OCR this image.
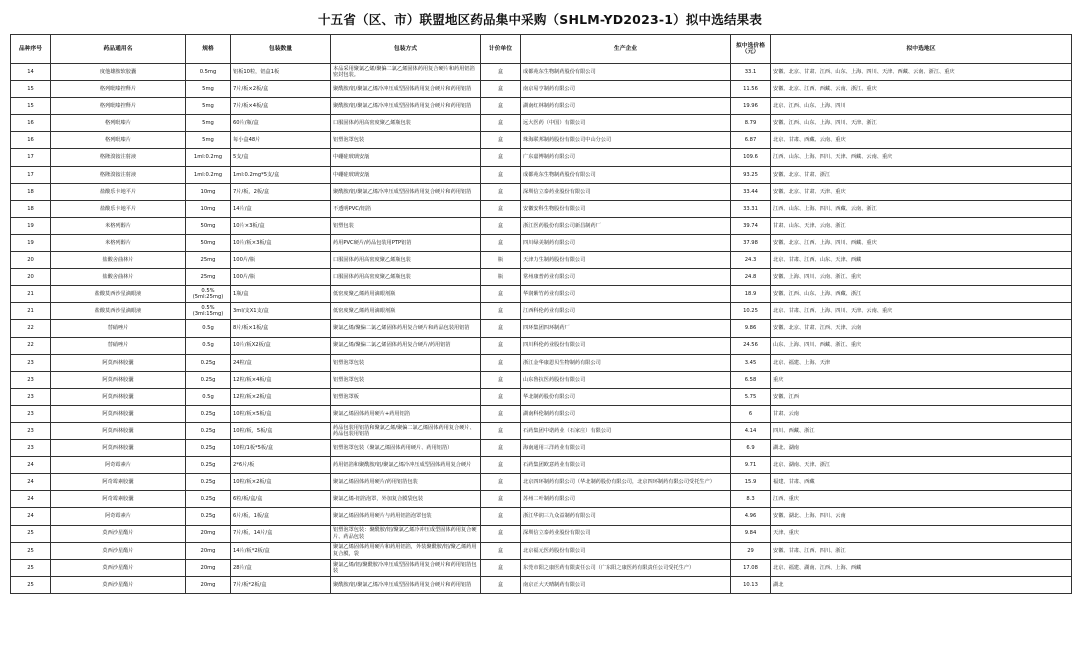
十五省（区、市）联盟地区药品集中采购（SHLM-YD2023-1）拟中选结果表
品种序号	药品通用名	规格	包装数量	包装方式	计价单位	生产企业	拟中选价格（元）	拟中选地区
14	度他雄胺软胶囊	0.5mg	铝板10粒，铝盒1板	本品采用聚氯乙烯/聚偏二氯乙烯固体药用复合硬片和药用铝箔密封包装。	盒	成都苑东生物制药股份有限公司	33.1	安徽、北京、甘肃、江西、山东、上海、四川、天津、西藏、云南、浙江、重庆
15	格列吡嗪控释片	5mg	7片/板×2板/盒	聚酰胺/铝/聚氯乙烯冷冲压成型固体药用复合硬片和药用铝箔	盒	南京易亨制药有限公司	11.56	安徽、北京、江西、西藏、云南、浙江、重庆
15	格列吡嗪控释片	5mg	7片/板×4板/盒	聚酰胺/铝/聚氯乙烯冷冲压成型固体药用复合硬片和药用铝箔	盒	湖南红林制药有限公司	19.96	北京、江西、山东、上海、四川
16	格列吡嗪片	5mg	60片/瓶/盒	口服固体药用高密度聚乙烯瓶包装	盒	远大医药（中国）有限公司	8.79	安徽、江西、山东、上海、四川、天津、浙江
16	格列吡嗪片	5mg	每小盒48片	铝塑泡罩包装	盒	珠海联邦制药股份有限公司中山分公司	6.87	北京、甘肃、西藏、云南、重庆
17	格隆溴铵注射液	1ml:0.2mg	5支/盒	中硼硅玻璃安瓿	盒	广东嘉博制药有限公司	109.6	江西、山东、上海、四川、天津、西藏、云南、重庆
17	格隆溴铵注射液	1ml:0.2mg	1ml:0.2mg*5支/盒	中硼硅玻璃安瓿	盒	成都苑东生物制药股份有限公司	93.25	安徽、北京、甘肃、浙江
18	盐酸乐卡地平片	10mg	7片/板，2板/盒	聚酰胺/铝/聚氯乙烯冷冲压成型固体药用复合硬片和药用铝箔	盒	深圳信立泰药业股份有限公司	33.44	安徽、北京、甘肃、天津、重庆
18	盐酸乐卡地平片	10mg	14片/盒	不透明PVC/铝箔	盒	安徽安科生物股份有限公司	33.31	江西、山东、上海、四川、西藏、云南、浙江
19	米格列醇片	50mg	10片×3板/盒	铝塑包装	盒	浙江医药股份有限公司新昌制药厂	39.74	甘肃、山东、天津、云南、浙江
19	米格列醇片	50mg	10片/板×3板/盒	药用PVC硬片/药品包装用PTP铝箔	盒	四川绿美制药有限公司	37.98	安徽、北京、江西、上海、四川、西藏、重庆
20	盐酸舍曲林片	25mg	100片/瓶	口服固体药用高密度聚乙烯瓶包装	瓶	天津力生制药股份有限公司	24.3	北京、甘肃、江西、山东、天津、西藏
20	盐酸舍曲林片	25mg	100片/瓶	口服固体药用高密度聚乙烯瓶包装	瓶	常州康普药业有限公司	24.8	安徽、上海、四川、云南、浙江、重庆
21	盐酸莫西沙星滴眼液	0.5%(5ml:25mg)	1瓶/盒	低密度聚乙烯药用滴眼剂瓶	盒	华润紫竹药业有限公司	18.9	安徽、江西、山东、上海、西藏、浙江
21	盐酸莫西沙星滴眼液	0.5%(3ml:15mg)	3ml/支X1支/盒	低密度聚乙烯药用滴眼剂瓶	盒	江西科伦药业有限公司	10.25	北京、甘肃、江西、上海、四川、天津、云南、重庆
22	替硝唑片	0.5g	8片/板×1板/盒	聚氯乙烯/聚偏二氯乙烯固体药用复合硬片和药品包装用铝箔	盒	四环集团四环制药厂	9.86	安徽、北京、甘肃、江西、天津、云南
22	替硝唑片	0.5g	10片/板X2板/盒	聚氯乙烯/聚偏二氯乙烯固体药用复合硬片/药用铝箔	盒	四川科伦药业股份有限公司	24.56	山东、上海、四川、西藏、浙江、重庆
23	阿莫西林胶囊	0.25g	24粒/盒	铝塑泡罩包装	盒	浙江金华康恩贝生物制药有限公司	3.45	北京、福建、上海、天津
23	阿莫西林胶囊	0.25g	12粒/板×4板/盒	铝塑泡罩包装	盒	山东鲁抗医药股份有限公司	6.58	重庆
23	阿莫西林胶囊	0.5g	12粒/板×2板/盒	铝塑泡罩板	盒	华北制药股份有限公司	5.75	安徽、江西
23	阿莫西林胶囊	0.25g	10粒/板×5板/盒	聚氯乙烯固体药用硬片+药用铝箔	盒	湖南科伦制药有限公司	6	甘肃、云南
23	阿莫西林胶囊	0.25g	10粒/板，5板/盒	药品包装用铝箔和聚氯乙烯/聚偏二氯乙烯固体药用复合硬片、药品包装用铝箔	盒	石药集团中诺药业（石家庄）有限公司	4.14	四川、西藏、浙江
23	阿莫西林胶囊	0.25g	10粒/1板*5板/盒	铝塑泡罩包装（聚氯乙烯固体药用硬片、药用铝箔）	盒	海南通用三洋药业有限公司	6.9	湖北、湖南
24	阿奇霉素片	0.25g	2*6片/板	药用铝箔和聚酰胺/铝/聚氯乙烯冷冲压成型固体药用复合硬片	盒	石药集团欧意药业有限公司	9.71	北京、湖南、天津、浙江
24	阿奇霉素胶囊	0.25g	10粒/板×2板/盒	聚氯乙烯固体药用硬片/药用铝箔包装	盒	北京四环制药有限公司（华北制药股份有限公司，北京四环制药有限公司受托生产）	15.9	福建、甘肃、西藏
24	阿奇霉素胶囊	0.25g	6粒/板/盒/盒	聚氯乙烯-铝箔泡罩，外加复合膜袋包装	盒	苏州二叶制药有限公司	8.3	江西、重庆
24	阿奇霉素片	0.25g	6片/板，1板/盒	聚氯乙烯固体药用硬片与药用铝箔泡罩包装	盒	浙江华润三九众益制药有限公司	4.96	安徽、湖北、上海、四川、云南
25	莫西沙星酯片	20mg	7片/板，14片/盒	铝塑泡罩包装：聚酰胺/铝/聚氯乙烯冷冲压成型固体药用复合硬片、药品包装	盒	深圳信立泰药业股份有限公司	9.84	天津、重庆
25	莫西沙星酯片	20mg	14片/板*2板/盒	聚氯乙烯固体药用硬片和药用铝箔，外装聚酰胺/铝/聚乙烯药用复合膜，袋	盒	北京福元医药股份有限公司	29	安徽、甘肃、江西、四川、浙江
25	莫西沙星酯片	20mg	28片/盒	聚氯乙烯/铝/聚酰胺冷冲压成型固体药用复合硬片和药用铝箔包装	盒	东莞市阳之康医药有限责任公司（广东阳之康医药有限责任公司受托生产）	17.08	北京、福建、湖南、江西、上海、西藏
25	莫西沙星酯片	20mg	7片/板*2板/盒	聚酰胺/铝/聚氯乙烯冷冲压成型固体药用复合硬片和药用铝箔	盒	南京正大天晴制药有限公司	10.13	湖北
